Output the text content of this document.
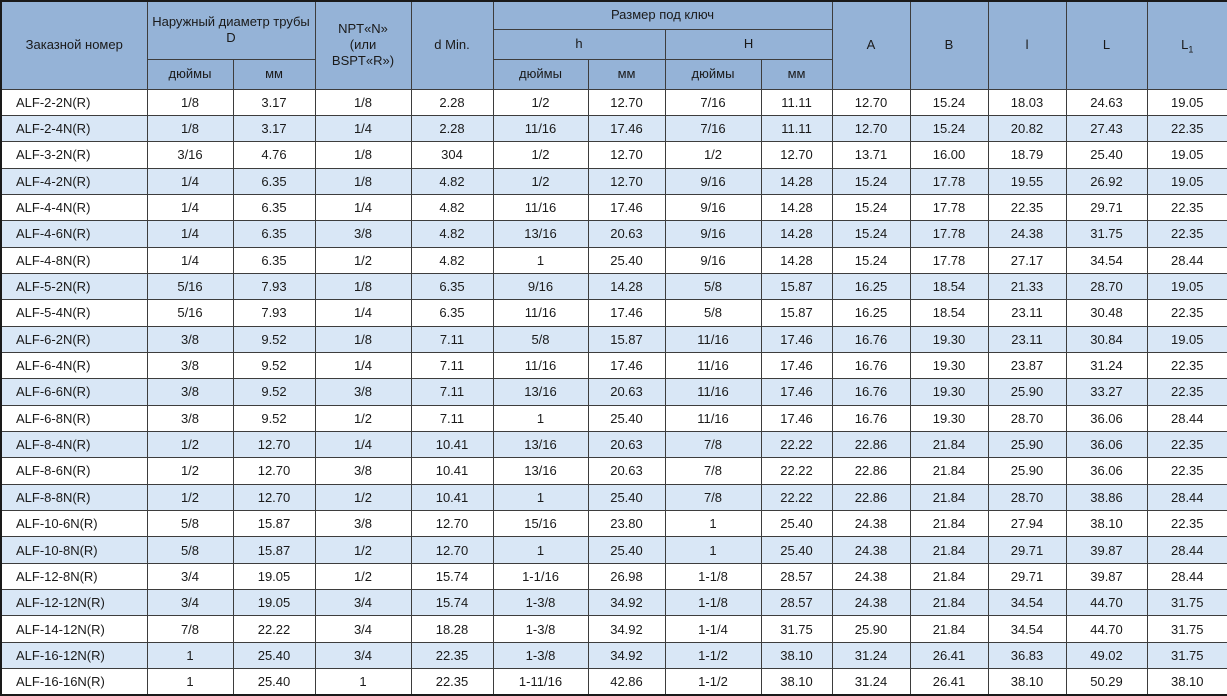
Заказной номер	Наружный диаметр трубы D		NPT«N»
(или
BSPT«R»)	d Min.	Размер под ключ				A	B	l	L	$L_1$
					h		H						
	дюймы	мм			дюймы	мм	дюймы	мм					
ALF-2-2N(R)	1/8	3.17	1/8	2.28	1/2	12.70	7/16	11.11	12.70	15.24	18.03	24.63	19.05
ALF-2-4N(R)	1/8	3.17	1/4	2.28	11/16	17.46	7/16	11.11	12.70	15.24	20.82	27.43	22.35
ALF-3-2N(R)	3/16	4.76	1/8	304	1/2	12.70	1/2	12.70	13.71	16.00	18.79	25.40	19.05
ALF-4-2N(R)	1/4	6.35	1/8	4.82	1/2	12.70	9/16	14.28	15.24	17.78	19.55	26.92	19.05
ALF-4-4N(R)	1/4	6.35	1/4	4.82	11/16	17.46	9/16	14.28	15.24	17.78	22.35	29.71	22.35
ALF-4-6N(R)	1/4	6.35	3/8	4.82	13/16	20.63	9/16	14.28	15.24	17.78	24.38	31.75	22.35
ALF-4-8N(R)	1/4	6.35	1/2	4.82	1	25.40	9/16	14.28	15.24	17.78	27.17	34.54	28.44
ALF-5-2N(R)	5/16	7.93	1/8	6.35	9/16	14.28	5/8	15.87	16.25	18.54	21.33	28.70	19.05
ALF-5-4N(R)	5/16	7.93	1/4	6.35	11/16	17.46	5/8	15.87	16.25	18.54	23.11	30.48	22.35
ALF-6-2N(R)	3/8	9.52	1/8	7.11	5/8	15.87	11/16	17.46	16.76	19.30	23.11	30.84	19.05
ALF-6-4N(R)	3/8	9.52	1/4	7.11	11/16	17.46	11/16	17.46	16.76	19.30	23.87	31.24	22.35
ALF-6-6N(R)	3/8	9.52	3/8	7.11	13/16	20.63	11/16	17.46	16.76	19.30	25.90	33.27	22.35
ALF-6-8N(R)	3/8	9.52	1/2	7.11	1	25.40	11/16	17.46	16.76	19.30	28.70	36.06	28.44
ALF-8-4N(R)	1/2	12.70	1/4	10.41	13/16	20.63	7/8	22.22	22.86	21.84	25.90	36.06	22.35
ALF-8-6N(R)	1/2	12.70	3/8	10.41	13/16	20.63	7/8	22.22	22.86	21.84	25.90	36.06	22.35
ALF-8-8N(R)	1/2	12.70	1/2	10.41	1	25.40	7/8	22.22	22.86	21.84	28.70	38.86	28.44
ALF-10-6N(R)	5/8	15.87	3/8	12.70	15/16	23.80	1	25.40	24.38	21.84	27.94	38.10	22.35
ALF-10-8N(R)	5/8	15.87	1/2	12.70	1	25.40	1	25.40	24.38	21.84	29.71	39.87	28.44
ALF-12-8N(R)	3/4	19.05	1/2	15.74	1-1/16	26.98	1-1/8	28.57	24.38	21.84	29.71	39.87	28.44
ALF-12-12N(R)	3/4	19.05	3/4	15.74	1-3/8	34.92	1-1/8	28.57	24.38	21.84	34.54	44.70	31.75
ALF-14-12N(R)	7/8	22.22	3/4	18.28	1-3/8	34.92	1-1/4	31.75	25.90	21.84	34.54	44.70	31.75
ALF-16-12N(R)	1	25.40	3/4	22.35	1-3/8	34.92	1-1/2	38.10	31.24	26.41	36.83	49.02	31.75
ALF-16-16N(R)	1	25.40	1	22.35	1-11/16	42.86	1-1/2	38.10	31.24	26.41	38.10	50.29	38.10
